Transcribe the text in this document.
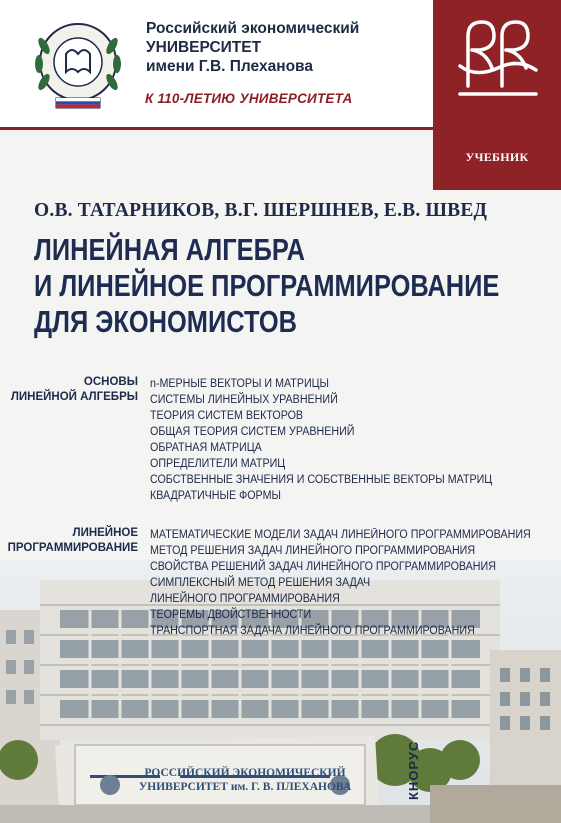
РОССИЙСКИЙ ЭКОНОМИЧЕСКИЙ
УНИВЕРСИТЕТ им. Г. В. ПЛЕХАНОВА
Российский экономический
УНИВЕРСИТЕТ
имени Г.В. Плеханова
К 110-ЛЕТИЮ УНИВЕРСИТЕТА
УЧЕБНИК
О.В. ТАТАРНИКОВ, В.Г. ШЕРШНЕВ, Е.В. ШВЕД
ЛИНЕЙНАЯ АЛГЕБРА
И ЛИНЕЙНОЕ ПРОГРАММИРОВАНИЕ
ДЛЯ ЭКОНОМИСТОВ
ОСНОВЫ
ЛИНЕЙНОЙ АЛГЕБРЫ
n-МЕРНЫЕ ВЕКТОРЫ И МАТРИЦЫ
СИСТЕМЫ ЛИНЕЙНЫХ УРАВНЕНИЙ
ТЕОРИЯ СИСТЕМ ВЕКТОРОВ
ОБЩАЯ ТЕОРИЯ СИСТЕМ УРАВНЕНИЙ
ОБРАТНАЯ МАТРИЦА
ОПРЕДЕЛИТЕЛИ МАТРИЦ
СОБСТВЕННЫЕ ЗНАЧЕНИЯ И СОБСТВЕННЫЕ ВЕКТОРЫ МАТРИЦ
КВАДРАТИЧНЫЕ ФОРМЫ
ЛИНЕЙНОЕ
ПРОГРАММИРОВАНИЕ
МАТЕМАТИЧЕСКИЕ МОДЕЛИ ЗАДАЧ ЛИНЕЙНОГО ПРОГРАММИРОВАНИЯ
МЕТОД РЕШЕНИЯ ЗАДАЧ ЛИНЕЙНОГО ПРОГРАММИРОВАНИЯ
СВОЙСТВА РЕШЕНИЙ ЗАДАЧ ЛИНЕЙНОГО ПРОГРАММИРОВАНИЯ
СИМПЛЕКСНЫЙ МЕТОД РЕШЕНИЯ ЗАДАЧ
ЛИНЕЙНОГО ПРОГРАММИРОВАНИЯ
ТЕОРЕМЫ ДВОЙСТВЕННОСТИ
ТРАНСПОРТНАЯ ЗАДАЧА ЛИНЕЙНОГО ПРОГРАММИРОВАНИЯ
КНОРУС
